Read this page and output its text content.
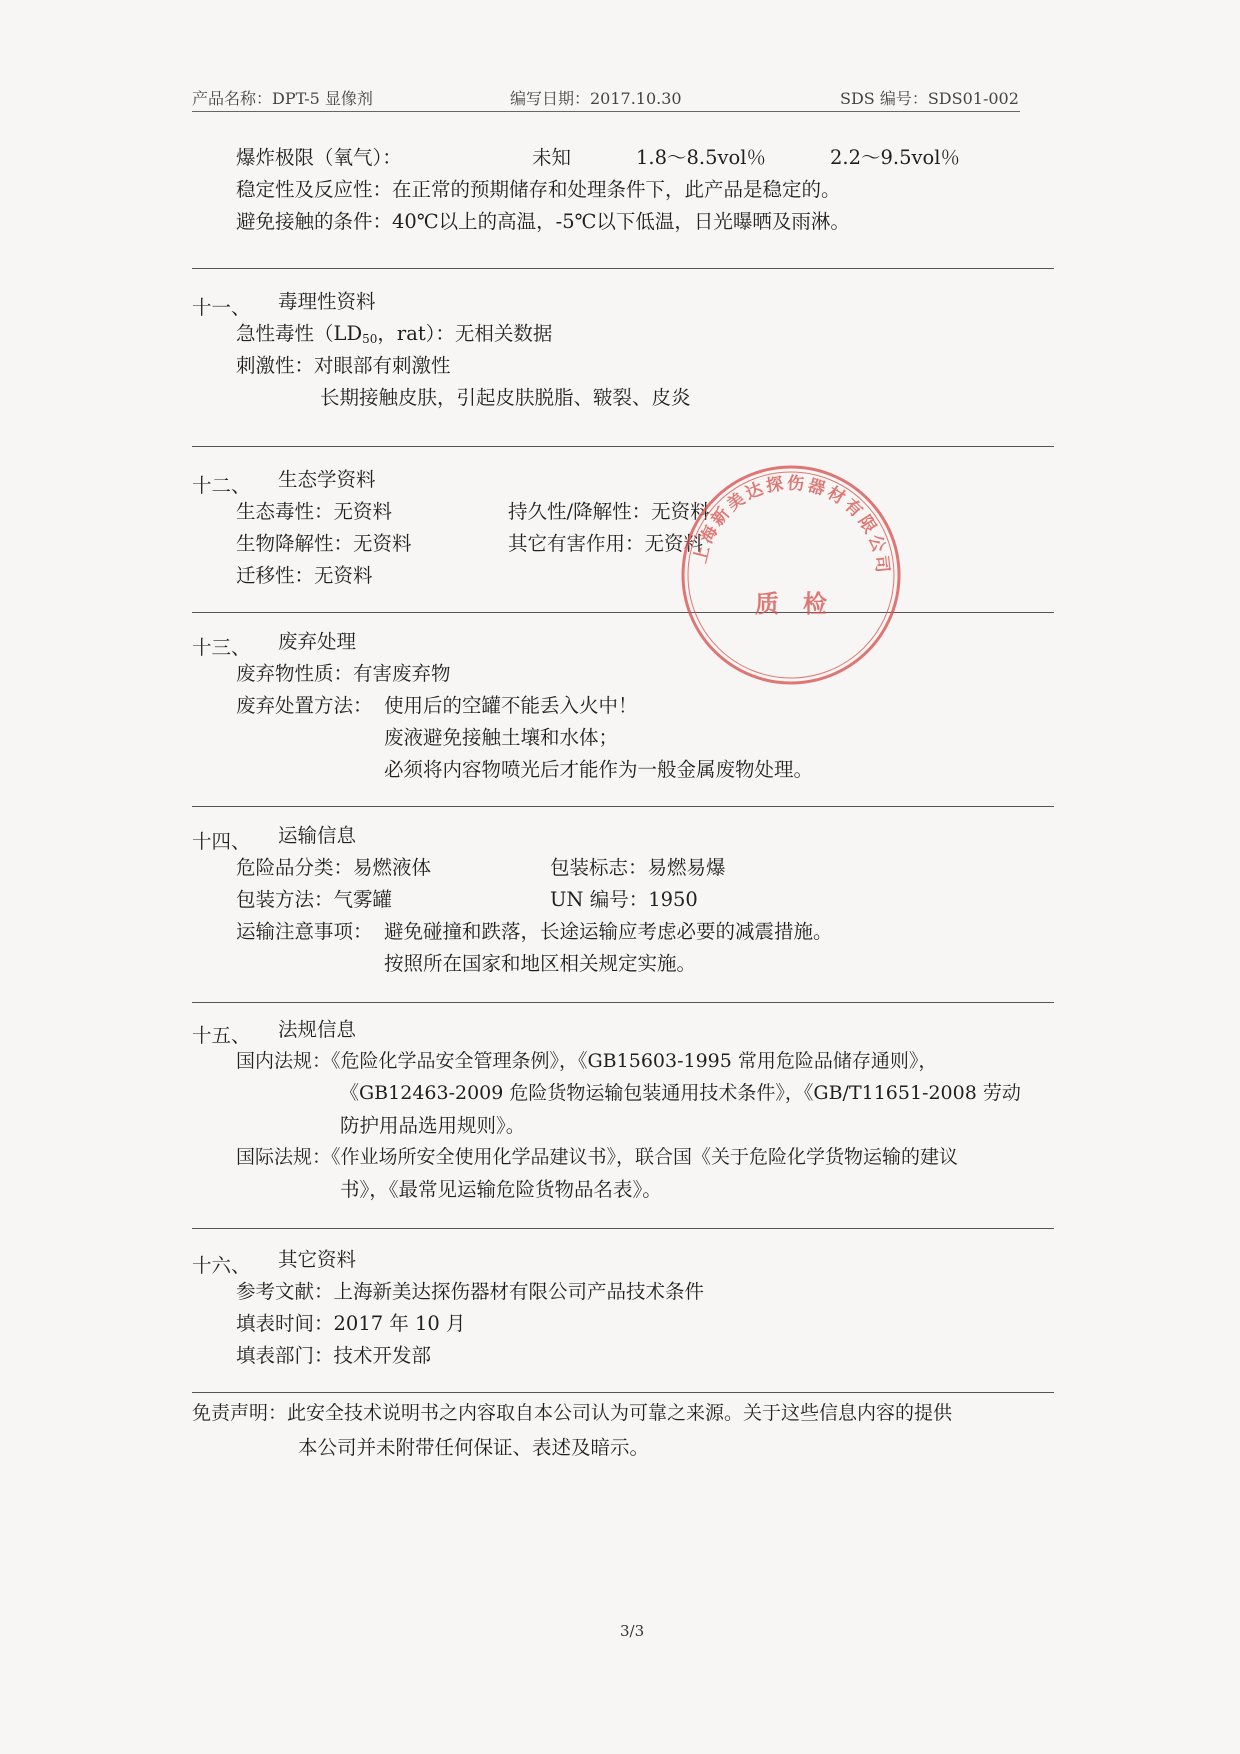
产品名称：DPT-5 显像剂	编写日期：2017.10.30	SDS 编号：SDS01-002
爆炸极限（氧气）：	未知	1.8～8.5vol％	2.2～9.5vol％
稳定性及反应性：在正常的预期储存和处理条件下，此产品是稳定的。
避免接触的条件：40℃以上的高温，-5℃以下低温，日光曝晒及雨淋。
十一、 毒理性资料
急性毒性（$LD_{50}$，rat）：无相关数据
刺激性：对眼部有刺激性
长期接触皮肤，引起皮肤脱脂、皲裂、皮炎
十二、 生态学资料
生态毒性：无资料	持久性/降解性：无资料
生物降解性：无资料	其它有害作用：无资料
迁移性：无资料
十三、 废弃处理
废弃物性质：有害废弃物
废弃处置方法： 使用后的空罐不能丢入火中！
废液避免接触土壤和水体；
必须将内容物喷光后才能作为一般金属废物处理。
十四、 运输信息
危险品分类：易燃液体	包装标志：易燃易爆
包装方法：气雾罐	UN 编号：1950
运输注意事项： 避免碰撞和跌落，长途运输应考虑必要的减震措施。
按照所在国家和地区相关规定实施。
十五、 法规信息
国内法规：《危险化学品安全管理条例》，《GB15603-1995 常用危险品储存通则》，
《GB12463-2009 危险货物运输包装通用技术条件》，《GB/T11651-2008 劳动
防护用品选用规则》。
国际法规：《作业场所安全使用化学品建议书》，联合国《关于危险化学货物运输的建议
书》，《最常见运输危险货物品名表》。
十六、 其它资料
参考文献：上海新美达探伤器材有限公司产品技术条件
填表时间：2017 年 10 月
填表部门：技术开发部
免责声明：此安全技术说明书之内容取自本公司认为可靠之来源。关于这些信息内容的提供
本公司并未附带任何保证、表述及暗示。
上海新美达探伤器材有限公司
质　检
3/3
